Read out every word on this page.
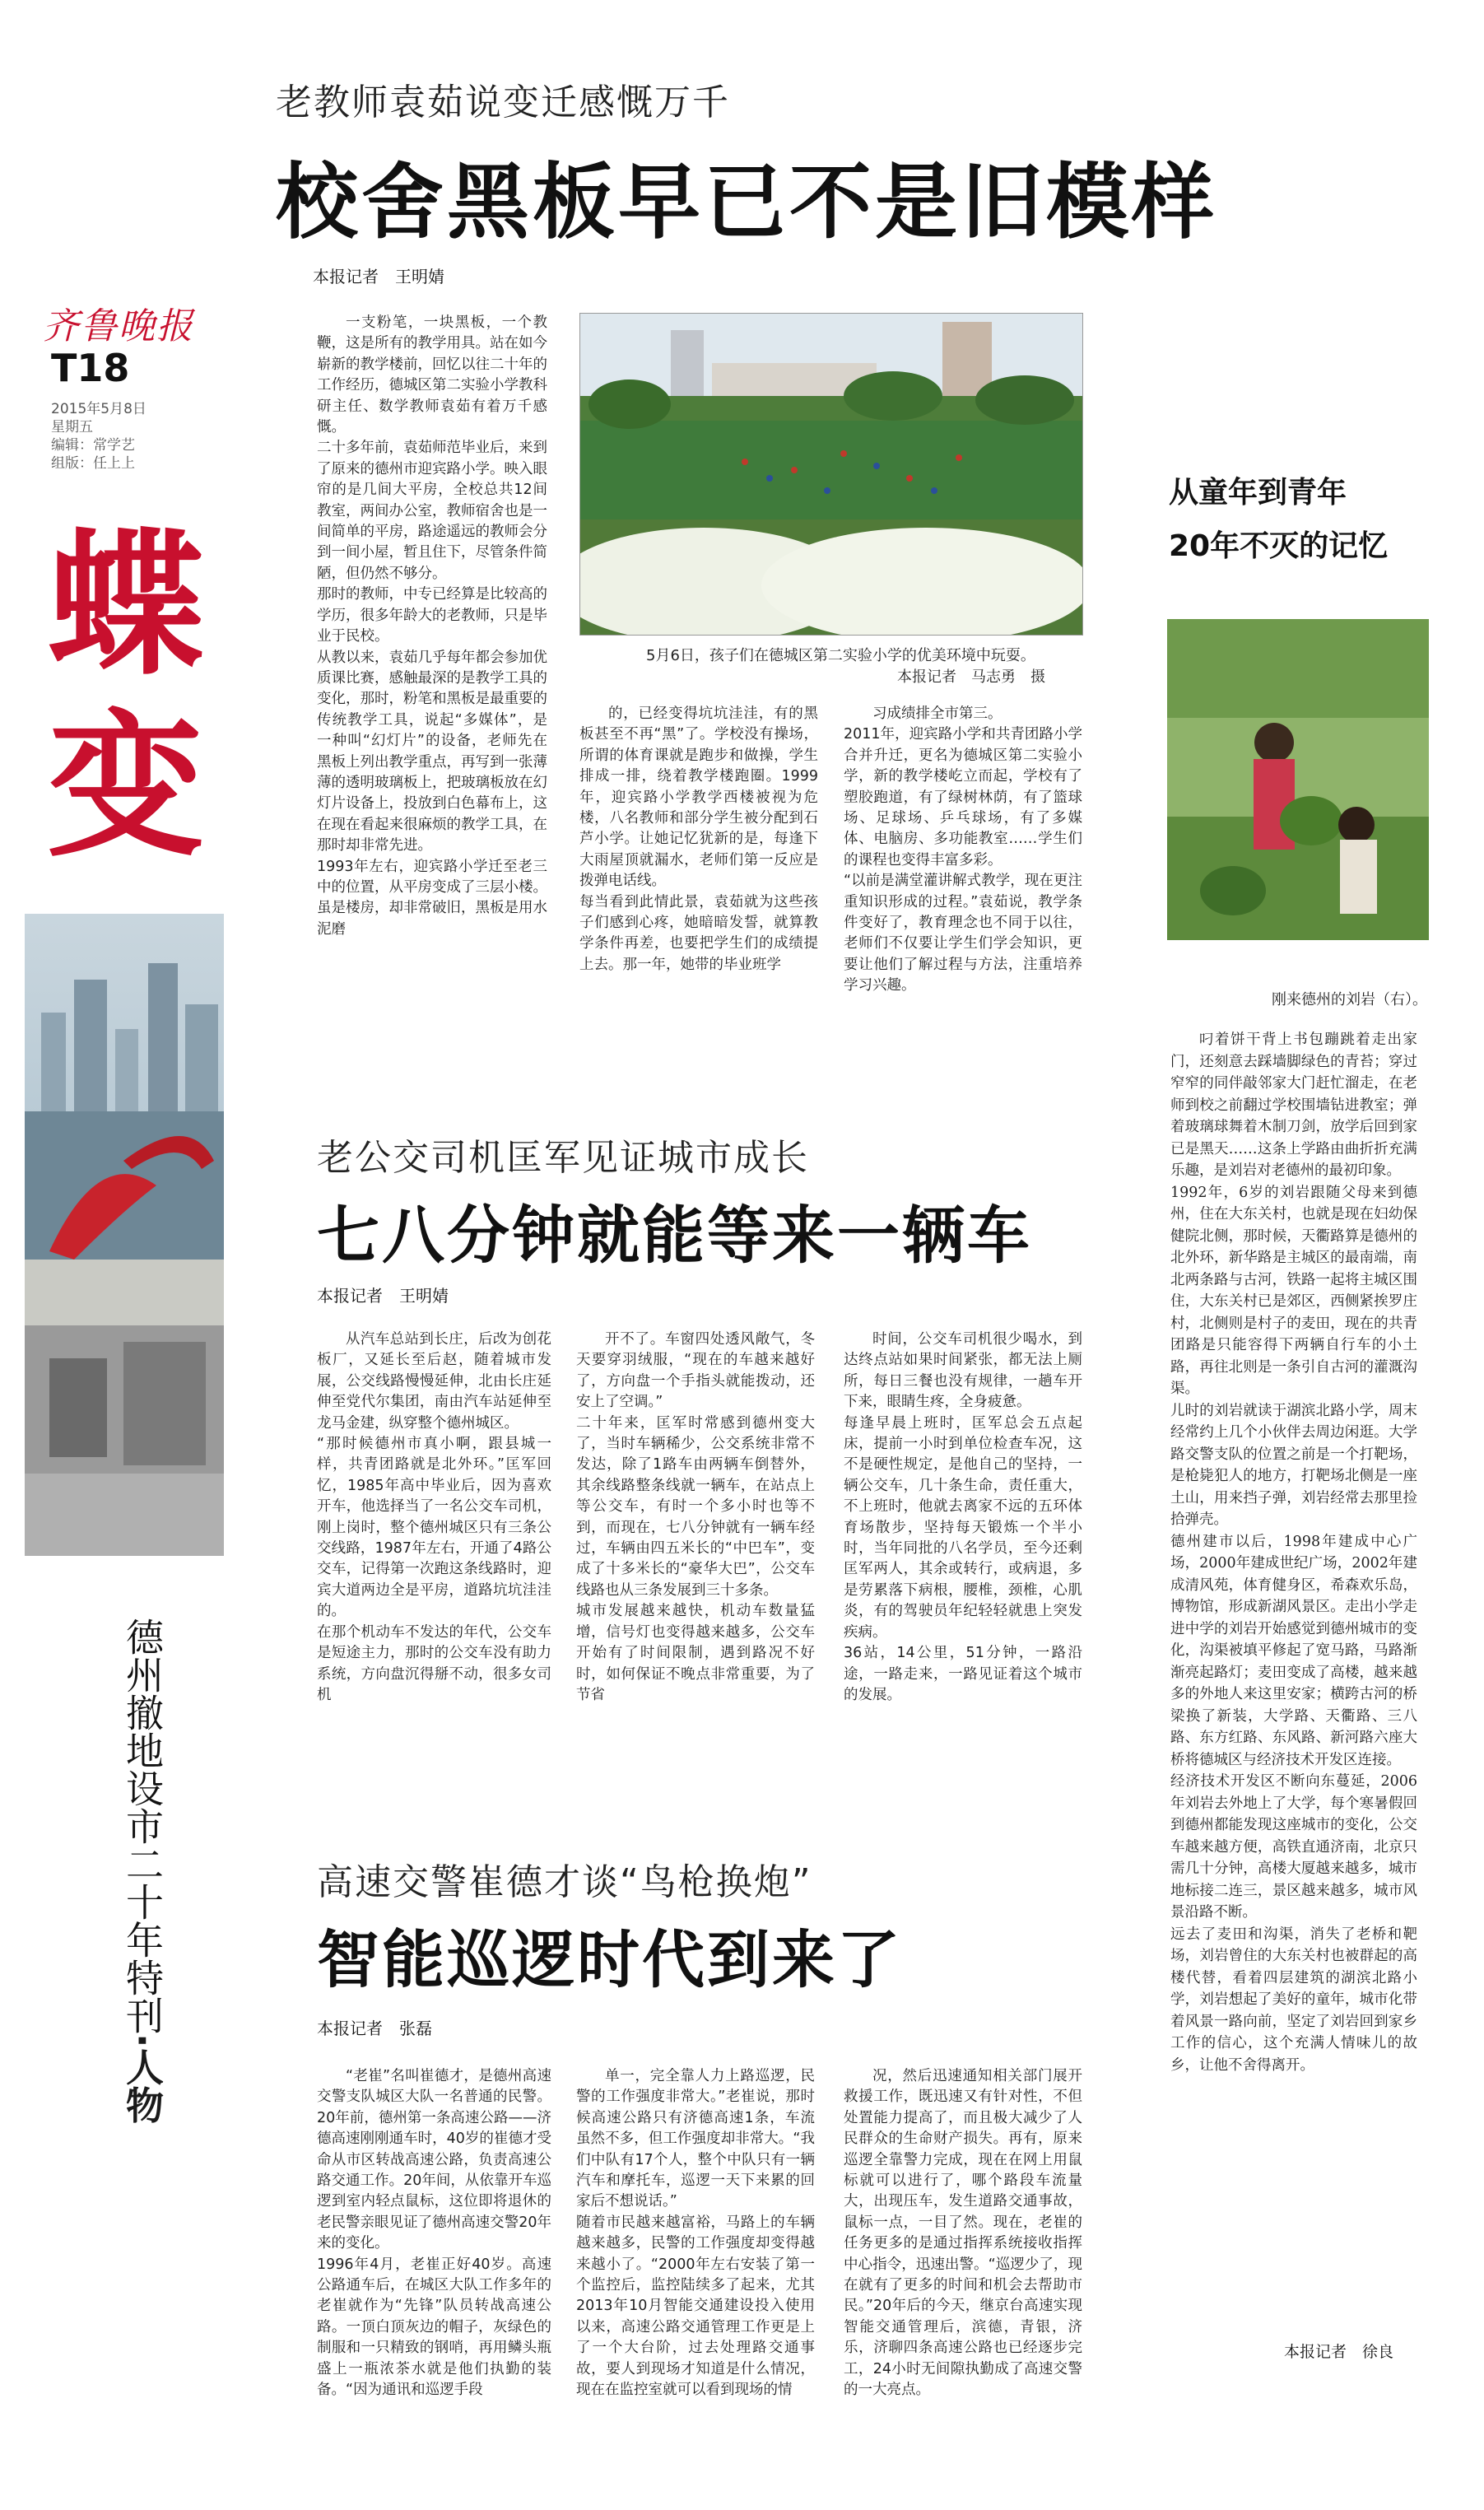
齐鲁晚报
T18
2015年5月8日
星期五
编辑：常学艺
组版：任上上
蝶
变
德州撤地设市二十年特刊
·人物
老教师袁茹说变迁感慨万千
校舍黑板早已不是旧模样
本报记者　王明婧
一支粉笔，一块黑板，一个教鞭，这是所有的教学用具。站在如今崭新的教学楼前，回忆以往二十年的工作经历，德城区第二实验小学教科研主任、数学教师袁茹有着万千感慨。
二十多年前，袁茹师范毕业后，来到了原来的德州市迎宾路小学。映入眼帘的是几间大平房，全校总共12间教室，两间办公室，教师宿舍也是一间简单的平房，路途遥远的教师会分到一间小屋，暂且住下，尽管条件简陋，但仍然不够分。
那时的教师，中专已经算是比较高的学历，很多年龄大的老教师，只是毕业于民校。
从教以来，袁茹几乎每年都会参加优质课比赛，感触最深的是教学工具的变化，那时，粉笔和黑板是最重要的传统教学工具，说起“多媒体”，是一种叫“幻灯片”的设备，老师先在黑板上列出教学重点，再写到一张薄薄的透明玻璃板上，把玻璃板放在幻灯片设备上，投放到白色幕布上，这在现在看起来很麻烦的教学工具，在那时却非常先进。
1993年左右，迎宾路小学迁至老三中的位置，从平房变成了三层小楼。虽是楼房，却非常破旧，黑板是用水泥磨
5月6日，孩子们在德城区第二实验小学的优美环境中玩耍。
本报记者　马志勇　摄
的，已经变得坑坑洼洼，有的黑板甚至不再“黑”了。学校没有操场，所谓的体育课就是跑步和做操，学生排成一排，绕着教学楼跑圈。1999年，迎宾路小学教学西楼被视为危楼，八名教师和部分学生被分配到石芦小学。让她记忆犹新的是，每逢下大雨屋顶就漏水，老师们第一反应是拨弹电话线。
每当看到此情此景，袁茹就为这些孩子们感到心疼，她暗暗发誓，就算教学条件再差，也要把学生们的成绩提上去。那一年，她带的毕业班学
习成绩排全市第三。
2011年，迎宾路小学和共青团路小学合并升迁，更名为德城区第二实验小学，新的教学楼屹立而起，学校有了塑胶跑道，有了绿树林荫，有了篮球场、足球场、乒乓球场，有了多媒体、电脑房、多功能教室……学生们的课程也变得丰富多彩。
“以前是满堂灌讲解式教学，现在更注重知识形成的过程。”袁茹说，教学条件变好了，教育理念也不同于以往，老师们不仅要让学生们学会知识，更要让他们了解过程与方法，注重培养学习兴趣。
从童年到青年
20年不灭的记忆
刚来德州的刘岩（右）。
叼着饼干背上书包蹦跳着走出家门，还刻意去踩墙脚绿色的青苔；穿过窄窄的同伴敲邻家大门赶忙溜走，在老师到校之前翻过学校围墙钻进教室；弹着玻璃球舞着木制刀剑，放学后回到家已是黑天……这条上学路由曲折折充满乐趣，是刘岩对老德州的最初印象。
1992年，6岁的刘岩跟随父母来到德州，住在大东关村，也就是现在妇幼保健院北侧，那时候，天衢路算是德州的北外环，新华路是主城区的最南端，南北两条路与古河，铁路一起将主城区围住，大东关村已是郊区，西侧紧挨罗庄村，北侧则是村子的麦田，现在的共青团路是只能容得下两辆自行车的小土路，再往北则是一条引自古河的灌溉沟渠。
儿时的刘岩就读于湖滨北路小学，周末经常约上几个小伙伴去周边闲逛。大学路交警支队的位置之前是一个打靶场，是枪毙犯人的地方，打靶场北侧是一座土山，用来挡子弹，刘岩经常去那里捡拾弹壳。
德州建市以后，1998年建成中心广场，2000年建成世纪广场，2002年建成清风苑，体育健身区，希森欢乐岛，博物馆，形成新湖风景区。走出小学走进中学的刘岩开始感觉到德州城市的变化，沟渠被填平修起了宽马路，马路渐渐亮起路灯；麦田变成了高楼，越来越多的外地人来这里安家；横跨古河的桥梁换了新装，大学路、天衢路、三八路、东方红路、东风路、新河路六座大桥将德城区与经济技术开发区连接。
经济技术开发区不断向东蔓延，2006年刘岩去外地上了大学，每个寒暑假回到德州都能发现这座城市的变化，公交车越来越方便，高铁直通济南，北京只需几十分钟，高楼大厦越来越多，城市地标接二连三，景区越来越多，城市风景沿路不断。
远去了麦田和沟渠，消失了老桥和靶场，刘岩曾住的大东关村也被群起的高楼代替，看着四层建筑的湖滨北路小学，刘岩想起了美好的童年，城市化带着风景一路向前，坚定了刘岩回到家乡工作的信心，这个充满人情味儿的故乡，让他不舍得离开。
本报记者　徐良
老公交司机匡军见证城市成长
七八分钟就能等来一辆车
本报记者　王明婧
从汽车总站到长庄，后改为创花板厂，又延长至后赵，随着城市发展，公交线路慢慢延伸，北由长庄延伸至党代尔集团，南由汽车站延伸至龙马金建，纵穿整个德州城区。
“那时候德州市真小啊，跟县城一样，共青团路就是北外环。”匡军回忆，1985年高中毕业后，因为喜欢开车，他选择当了一名公交车司机，刚上岗时，整个德州城区只有三条公交线路，1987年左右，开通了4路公交车，记得第一次跑这条线路时，迎宾大道两边全是平房，道路坑坑洼洼的。
在那个机动车不发达的年代，公交车是短途主力，那时的公交车没有助力系统，方向盘沉得掰不动，很多女司机
开不了。车窗四处透风敞气，冬天要穿羽绒服，“现在的车越来越好了，方向盘一个手指头就能拨动，还安上了空调。”
二十年来，匡军时常感到德州变大了，当时车辆稀少，公交系统非常不发达，除了1路车由两辆车倒替外，其余线路整条线就一辆车，在站点上等公交车，有时一个多小时也等不到，而现在，七八分钟就有一辆车经过，车辆由四五米长的“中巴车”，变成了十多米长的“豪华大巴”，公交车线路也从三条发展到三十多条。
城市发展越来越快，机动车数量猛增，信号灯也变得越来越多，公交车开始有了时间限制，遇到路况不好时，如何保证不晚点非常重要，为了节省
时间，公交车司机很少喝水，到达终点站如果时间紧张，都无法上厕所，每日三餐也没有规律，一趟车开下来，眼睛生疼，全身疲惫。
每逢早晨上班时，匡军总会五点起床，提前一小时到单位检查车况，这不是硬性规定，是他自己的坚持，一辆公交车，几十条生命，责任重大，不上班时，他就去离家不远的五环体育场散步，坚持每天锻炼一个半小时，当年同批的八名学员，至今还剩匡军两人，其余或转行，或病退，多是劳累落下病根，腰椎，颈椎，心肌炎，有的驾驶员年纪轻轻就患上突发疾病。
36站，14公里，51分钟，一路沿途，一路走来，一路见证着这个城市的发展。
高速交警崔德才谈“鸟枪换炮”
智能巡逻时代到来了
本报记者　张磊
“老崔”名叫崔德才，是德州高速交警支队城区大队一名普通的民警。20年前，德州第一条高速公路——济德高速刚刚通车时，40岁的崔德才受命从市区转战高速公路，负责高速公路交通工作。20年间，从依靠开车巡逻到室内轻点鼠标，这位即将退休的老民警亲眼见证了德州高速交警20年来的变化。
1996年4月，老崔正好40岁。高速公路通车后，在城区大队工作多年的老崔就作为“先锋”队员转战高速公路。一顶白顶灰边的帽子，灰绿色的制服和一只精致的钢哨，再用鳞头瓶盛上一瓶浓茶水就是他们执勤的装备。“因为通讯和巡逻手段
单一，完全靠人力上路巡逻，民警的工作强度非常大。”老崔说，那时候高速公路只有济德高速1条，车流虽然不多，但工作强度却非常大。“我们中队有17个人，整个中队只有一辆汽车和摩托车，巡逻一天下来累的回家后不想说话。”
随着市民越来越富裕，马路上的车辆越来越多，民警的工作强度却变得越来越小了。“2000年左右安装了第一个监控后，监控陆续多了起来，尤其2013年10月智能交通建设投入使用以来，高速公路交通管理工作更是上了一个大台阶，过去处理路交通事故，要人到现场才知道是什么情况，现在在监控室就可以看到现场的情
况，然后迅速通知相关部门展开救援工作，既迅速又有针对性，不但处置能力提高了，而且极大减少了人民群众的生命财产损失。再有，原来巡逻全靠警力完成，现在在网上用鼠标就可以进行了，哪个路段车流量大，出现压车，发生道路交通事故，鼠标一点，一目了然。现在，老崔的任务更多的是通过指挥系统接收指挥中心指令，迅速出警。“巡逻少了，现在就有了更多的时间和机会去帮助市民。”20年后的今天，继京台高速实现智能交通管理后，滨德，青银，济乐，济聊四条高速公路也已经逐步完工，24小时无间隙执勤成了高速交警的一大亮点。
